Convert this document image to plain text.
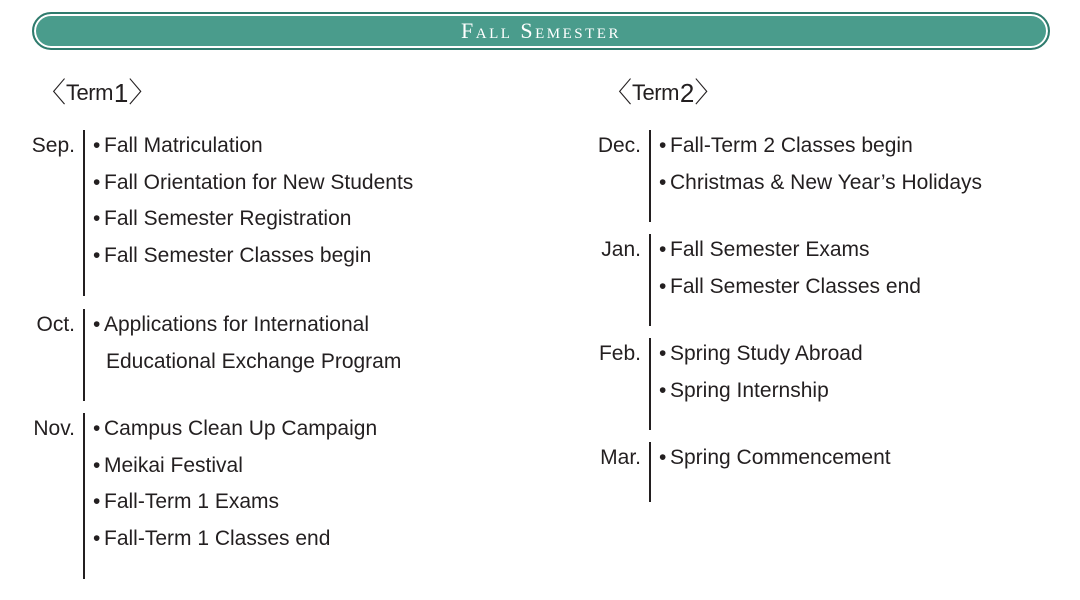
Fall Semester
〈 Term 1 〉	〈 Term 2 〉
Sep. • Fall Matriculation
• Fall Orientation for New Students
• Fall Semester Registration
• Fall Semester Classes begin
Oct. • Applications for International
Educational Exchange Program
Nov. • Campus Clean Up Campaign
• Meikai Festival
• Fall-Term 1 Exams
• Fall-Term 1 Classes end
Dec. • Fall-Term 2 Classes begin
• Christmas & New Year’s Holidays
Jan. • Fall Semester Exams
• Fall Semester Classes end
Feb. • Spring Study Abroad
• Spring Internship
Mar. • Spring Commencement
